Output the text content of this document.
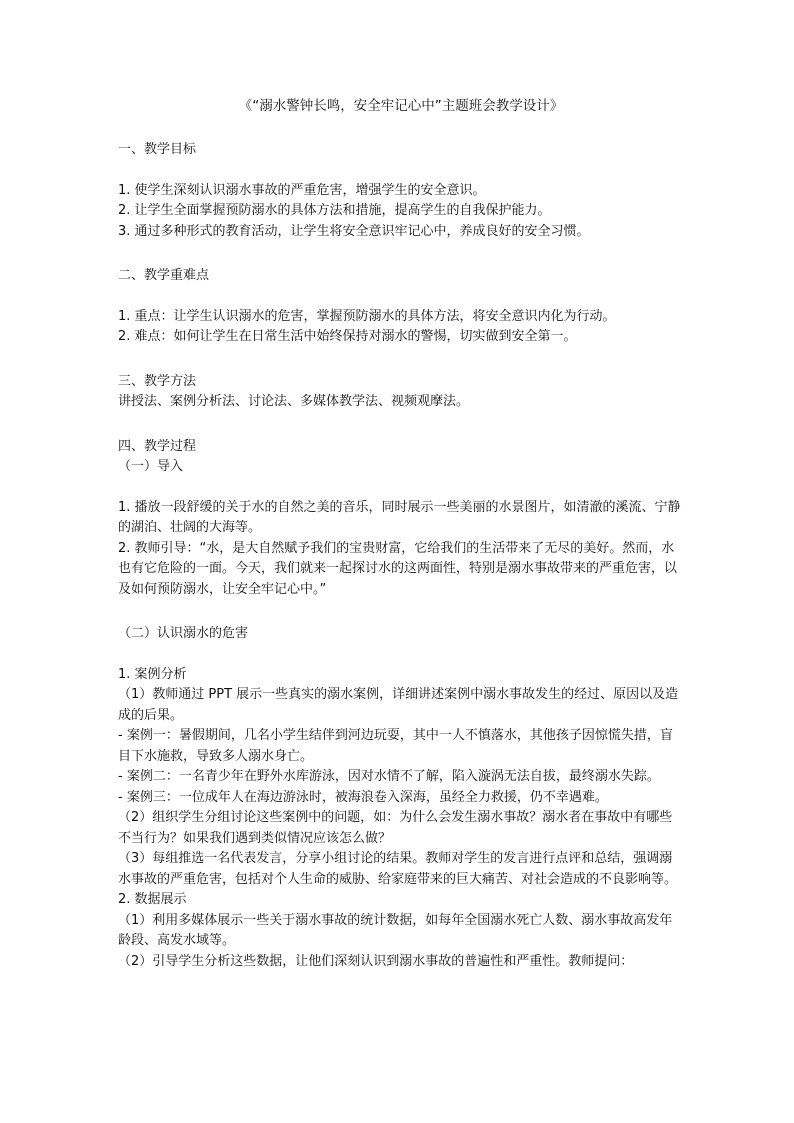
《“溺水警钟长鸣，安全牢记心中”主题班会教学设计》

一、教学目标

1. 使学生深刻认识溺水事故的严重危害，增强学生的安全意识。

2. 让学生全面掌握预防溺水的具体方法和措施，提高学生的自我保护能力。

3. 通过多种形式的教育活动，让学生将安全意识牢记心中，养成良好的安全习惯。

二、教学重难点

1. 重点：让学生认识溺水的危害，掌握预防溺水的具体方法，将安全意识内化为行动。

2. 难点：如何让学生在日常生活中始终保持对溺水的警惕，切实做到安全第一。

三、教学方法

讲授法、案例分析法、讨论法、多媒体教学法、视频观摩法。

四、教学过程

（一）导入

1. 播放一段舒缓的关于水的自然之美的音乐，同时展示一些美丽的水景图片，如清澈的溪流、宁静的湖泊、壮阔的大海等。

2. 教师引导：“水，是大自然赋予我们的宝贵财富，它给我们的生活带来了无尽的美好。然而，水也有它危险的一面。今天，我们就来一起探讨水的这两面性，特别是溺水事故带来的严重危害，以及如何预防溺水，让安全牢记心中。”

（二）认识溺水的危害

1. 案例分析

（1）教师通过 PPT 展示一些真实的溺水案例，详细讲述案例中溺水事故发生的经过、原因以及造成的后果。

- 案例一：暑假期间，几名小学生结伴到河边玩耍，其中一人不慎落水，其他孩子因惊慌失措，盲目下水施救，导致多人溺水身亡。

- 案例二：一名青少年在野外水库游泳，因对水情不了解，陷入漩涡无法自拔，最终溺水失踪。

- 案例三：一位成年人在海边游泳时，被海浪卷入深海，虽经全力救援，仍不幸遇难。

（2）组织学生分组讨论这些案例中的问题，如：为什么会发生溺水事故？溺水者在事故中有哪些不当行为？如果我们遇到类似情况应该怎么做？

（3）每组推选一名代表发言，分享小组讨论的结果。教师对学生的发言进行点评和总结，强调溺水事故的严重危害，包括对个人生命的威胁、给家庭带来的巨大痛苦、对社会造成的不良影响等。

2. 数据展示

（1）利用多媒体展示一些关于溺水事故的统计数据，如每年全国溺水死亡人数、溺水事故高发年龄段、高发水域等。

（2）引导学生分析这些数据，让他们深刻认识到溺水事故的普遍性和严重性。教师提问：
